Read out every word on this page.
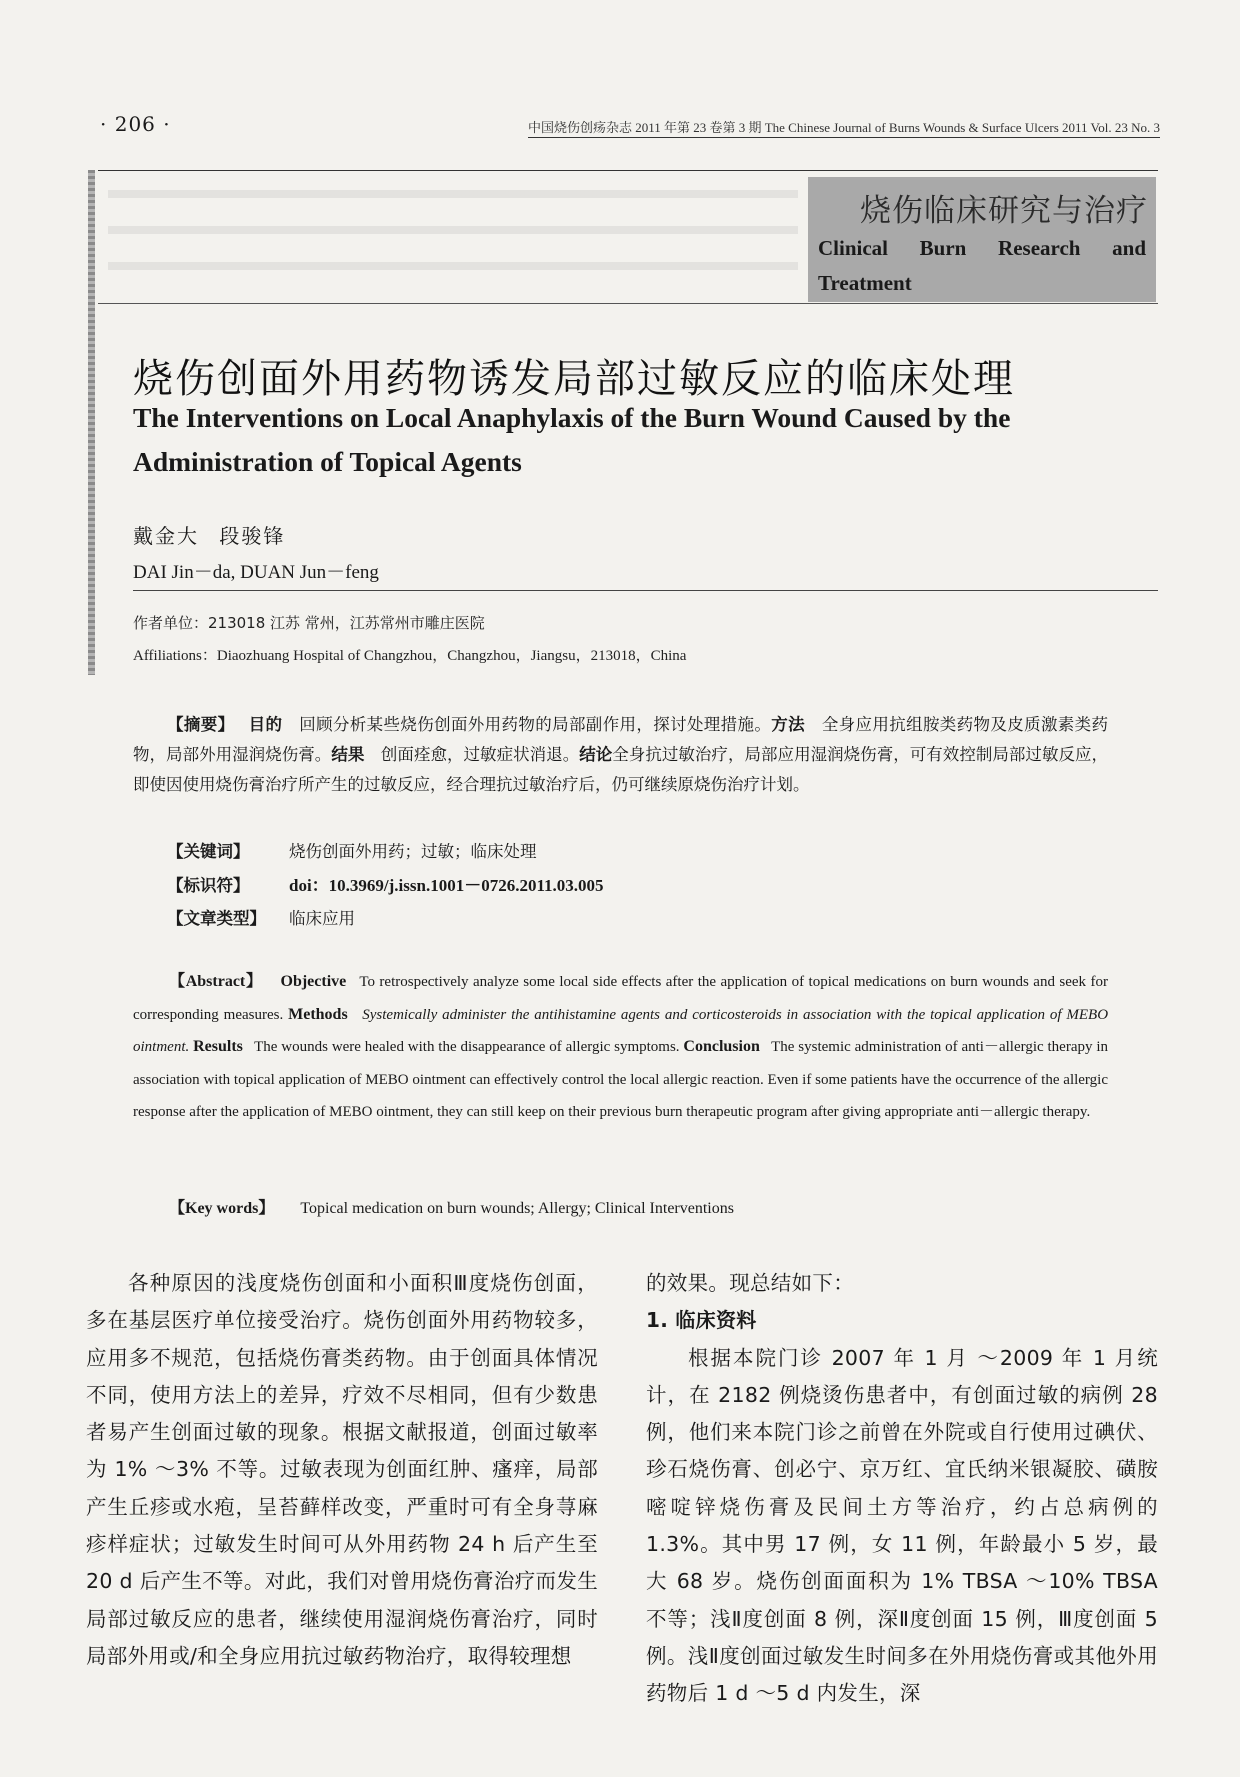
· 206 ·	中国烧伤创疡杂志 2011 年第 23 卷第 3 期 The Chinese Journal of Burns Wounds & Surface Ulcers 2011 Vol. 23 No. 3
烧伤临床研究与治疗
Clinical Burn Research and Treatment
烧伤创面外用药物诱发局部过敏反应的临床处理
The Interventions on Local Anaphylaxis of the Burn Wound Caused by the Administration of Topical Agents
戴金大 段骏锋
DAI Jin－da, DUAN Jun－feng
作者单位：213018 江苏 常州，江苏常州市雕庄医院
Affiliations：Diaozhuang Hospital of Changzhou，Changzhou，Jiangsu，213018，China
【摘要】　 目的　 回顾分析某些烧伤创面外用药物的局部副作用，探讨处理措施。方法　 全身应用抗组胺类药物及皮质激素类药物，局部外用湿润烧伤膏。结果　 创面痊愈，过敏症状消退。结论全身抗过敏治疗，局部应用湿润烧伤膏，可有效控制局部过敏反应，即使因使用烧伤膏治疗所产生的过敏反应，经合理抗过敏治疗后，仍可继续原烧伤治疗计划。
【关键词】 烧伤创面外用药；过敏；临床处理
【标识符】 doi：10.3969/j.issn.1001－0726.2011.03.005
【文章类型】 临床应用
【Abstract】 Objective To retrospectively analyze some local side effects after the application of topical medications on burn wounds and seek for corresponding measures. Methods Systemically administer the antihistamine agents and corticosteroids in association with the topical application of MEBO ointment. Results The wounds were healed with the disappearance of allergic symptoms. Conclusion The systemic administration of anti－allergic therapy in association with topical application of MEBO ointment can effectively control the local allergic reaction. Even if some patients have the occurrence of the allergic response after the application of MEBO ointment, they can still keep on their previous burn therapeutic program after giving appropriate anti－allergic therapy.
【Key words】 Topical medication on burn wounds; Allergy; Clinical Interventions
各种原因的浅度烧伤创面和小面积Ⅲ度烧伤创面，多在基层医疗单位接受治疗。烧伤创面外用药物较多，应用多不规范，包括烧伤膏类药物。由于创面具体情况不同，使用方法上的差异，疗效不尽相同，但有少数患者易产生创面过敏的现象。根据文献报道，创面过敏率为 1% ～3% 不等。过敏表现为创面红肿、瘙痒，局部产生丘疹或水疱，呈苔藓样改变，严重时可有全身荨麻疹样症状；过敏发生时间可从外用药物 24 h 后产生至 20 d 后产生不等。对此，我们对曾用烧伤膏治疗而发生局部过敏反应的患者，继续使用湿润烧伤膏治疗，同时局部外用或/和全身应用抗过敏药物治疗，取得较理想
的效果。现总结如下：
1. 临床资料
根据本院门诊 2007 年 1 月 ～2009 年 1 月统计，在 2182 例烧烫伤患者中，有创面过敏的病例 28 例，他们来本院门诊之前曾在外院或自行使用过碘伏、珍石烧伤膏、创必宁、京万红、宜氏纳米银凝胶、磺胺嘧啶锌烧伤膏及民间土方等治疗，约占总病例的 1.3%。其中男 17 例，女 11 例，年龄最小 5 岁，最大 68 岁。烧伤创面面积为 1% TBSA ～10% TBSA 不等；浅Ⅱ度创面 8 例，深Ⅱ度创面 15 例，Ⅲ度创面 5 例。浅Ⅱ度创面过敏发生时间多在外用烧伤膏或其他外用药物后 1 d ～5 d 内发生，深
